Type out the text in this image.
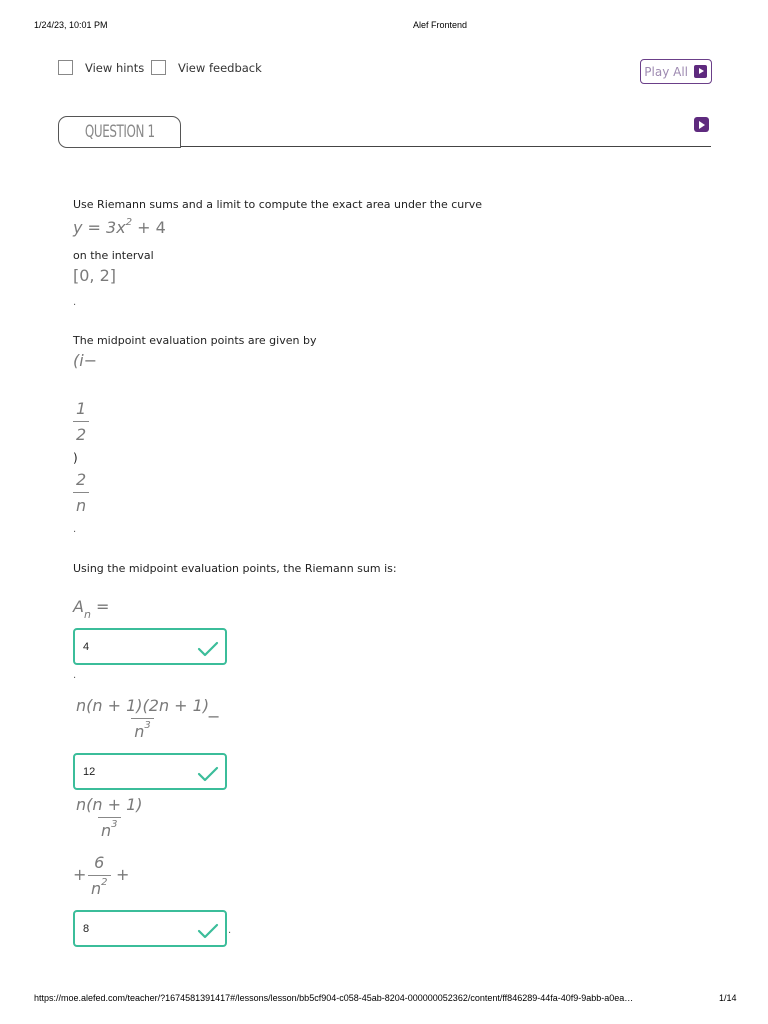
1/24/23, 10:01 PM	Alef Frontend
View hints	View feedback	Play All
QUESTION 1
Use Riemann sums and a limit to compute the exact area under the curve
$y = 3x^2 + 4$
on the interval
[0, 2]
.
The midpoint evaluation points are given by
(i−
$\frac{1}{2}$
)
$\frac{2}{n}$
.
Using the midpoint evaluation points, the Riemann sum is:
$A_n$ =
4
.
$\frac{n(n + 1)(2n + 1)}{n^3}$
−
12
$\frac{n(n + 1)}{n^3}$
+ $\frac{6}{n^2}$ +
8	.
https://moe.alefed.com/teacher/?1674581391417#/lessons/lesson/bb5cf904-c058-45ab-8204-000000052362/content/ff846289-44fa-40f9-9abb-a0ea…	1/14
